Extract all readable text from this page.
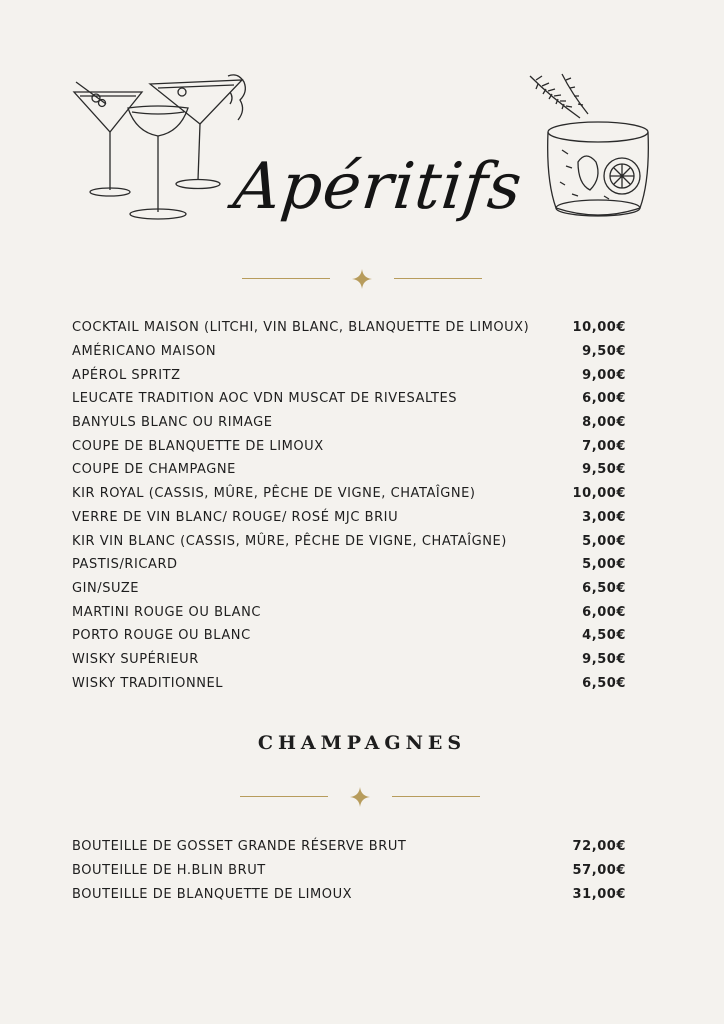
Apéritifs
COCKTAIL MAISON (LITCHI, VIN BLANC, BLANQUETTE DE LIMOUX)	10,00€
AMÉRICANO MAISON	9,50€
APÉROL SPRITZ	9,00€
LEUCATE TRADITION AOC VDN MUSCAT DE RIVESALTES	6,00€
BANYULS BLANC OU RIMAGE	8,00€
COUPE DE BLANQUETTE DE LIMOUX	7,00€
COUPE DE CHAMPAGNE	9,50€
KIR ROYAL (CASSIS, MÛRE, PÊCHE DE VIGNE, CHATAÎGNE)	10,00€
VERRE DE VIN BLANC/ ROUGE/ ROSÉ MJC BRIU	3,00€
KIR VIN BLANC (CASSIS, MÛRE, PÊCHE DE VIGNE, CHATAÎGNE)	5,00€
PASTIS/RICARD	5,00€
GIN/SUZE	6,50€
MARTINI ROUGE OU BLANC	6,00€
PORTO ROUGE OU BLANC	4,50€
WISKY SUPÉRIEUR	9,50€
WISKY TRADITIONNEL	6,50€
CHAMPAGNES
BOUTEILLE DE GOSSET GRANDE RÉSERVE BRUT	72,00€
BOUTEILLE DE H.BLIN BRUT	57,00€
BOUTEILLE DE BLANQUETTE DE LIMOUX	31,00€
